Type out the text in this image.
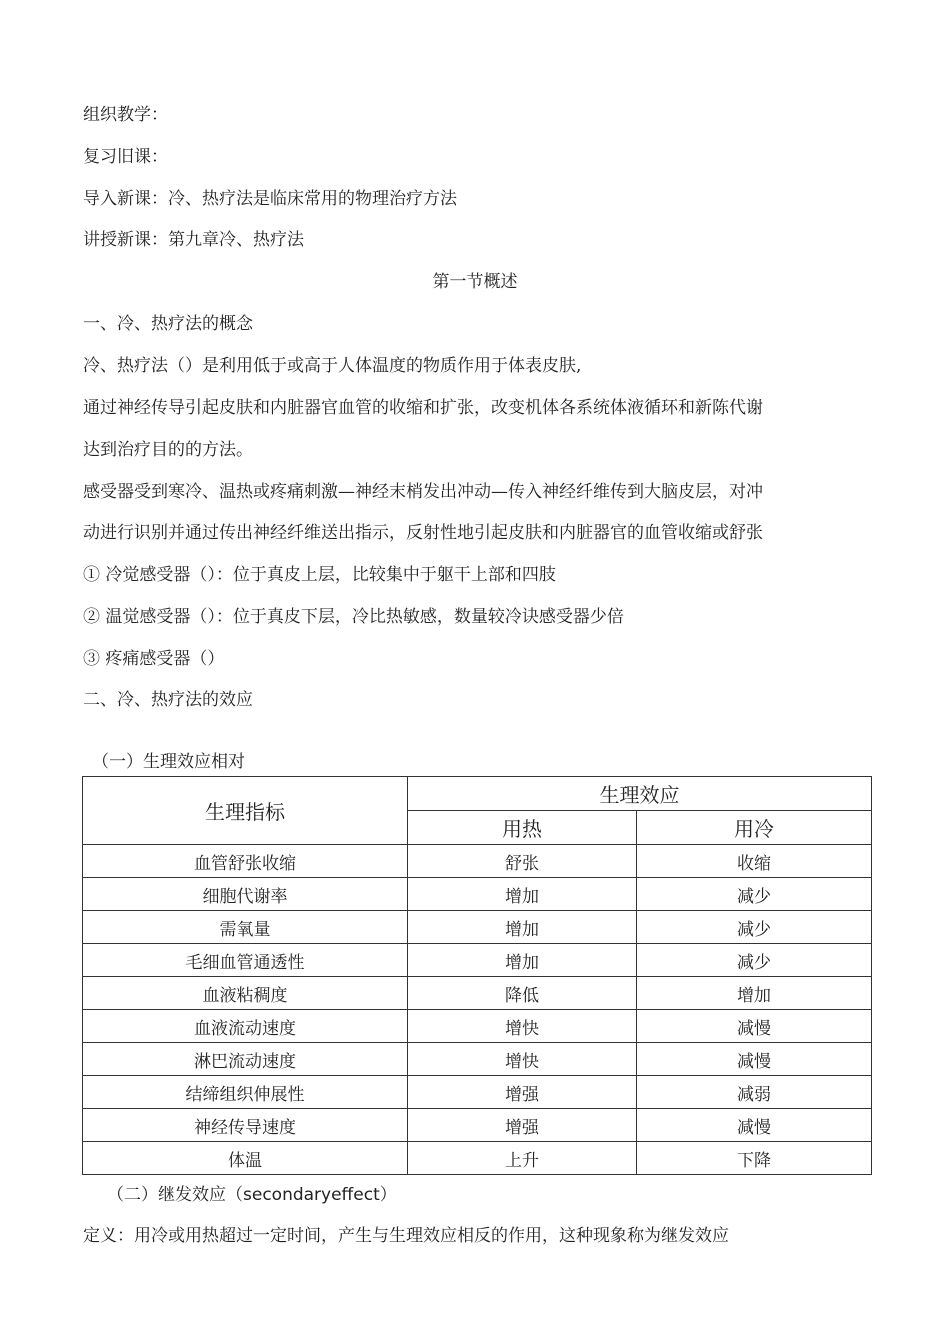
组织教学：
复习旧课：
导入新课：冷、热疗法是临床常用的物理治疗方法
讲授新课：第九章冷、热疗法
第一节概述
一、冷、热疗法的概念
冷、热疗法（）是利用低于或高于人体温度的物质作用于体表皮肤,
通过神经传导引起皮肤和内脏器官血管的收缩和扩张，改变机体各系统体液循环和新陈代谢
达到治疗目的的方法。
感受器受到寒冷、温热或疼痛刺激—神经末梢发出冲动—传入神经纤维传到大脑皮层，对冲
动进行识别并通过传出神经纤维送出指示，反射性地引起皮肤和内脏器官的血管收缩或舒张
① 冷觉感受器（）：位于真皮上层，比较集中于躯干上部和四肢
② 温觉感受器（）：位于真皮下层，冷比热敏感，数量较冷诀感受器少倍
③ 疼痛感受器（）
二、冷、热疗法的效应
（一）生理效应相对
生理指标	生理效应	
	用热	用冷
血管舒张收缩	舒张	收缩
细胞代谢率	增加	减少
需氧量	增加	减少
毛细血管通透性	增加	减少
血液粘稠度	降低	增加
血液流动速度	增快	减慢
淋巴流动速度	增快	减慢
结缔组织伸展性	增强	减弱
神经传导速度	增强	减慢
体温	上升	下降
（二）继发效应（secondaryeffect）
定义：用冷或用热超过一定时间，产生与生理效应相反的作用，这种现象称为继发效应
